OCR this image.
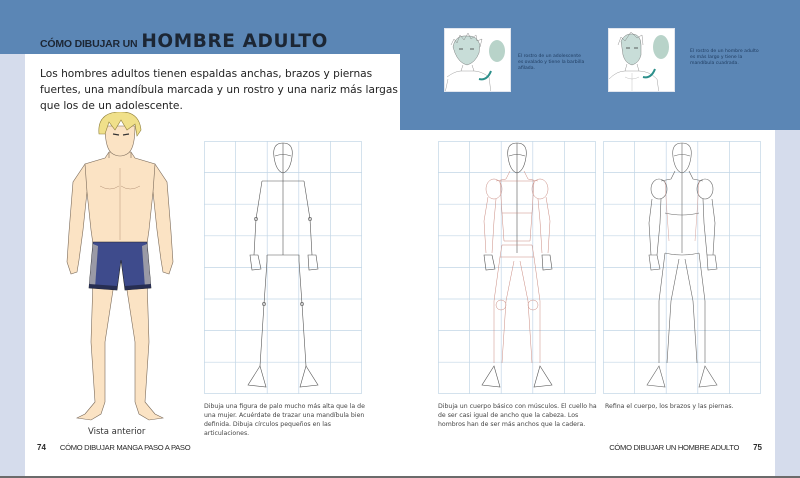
CÓMO DIBUJAR UN HOMBRE ADULTO

Los hombres adultos tienen espaldas anchas, brazos y piernas fuertes, una mandíbula marcada y un rostro y una nariz más largas que los de un adolescente.

El rostro de un adolescente es ovalado y tiene la barbilla afilada.

El rostro de un hombre adulto es más largo y tiene la mandíbula cuadrada.

Vista anterior

Dibuja una figura de palo mucho más alta que la de una mujer. Acuérdate de trazar una mandíbula bien definida. Dibuja círculos pequeños en las articulaciones.

Dibuja un cuerpo básico con músculos. El cuello ha de ser casi igual de ancho que la cabeza. Los hombros han de ser más anchos que la cadera.

Refina el cuerpo, los brazos y las piernas.

74 CÓMO DIBUJAR MANGA PASO A PASO	CÓMO DIBUJAR UN HOMBRE ADULTO 75
